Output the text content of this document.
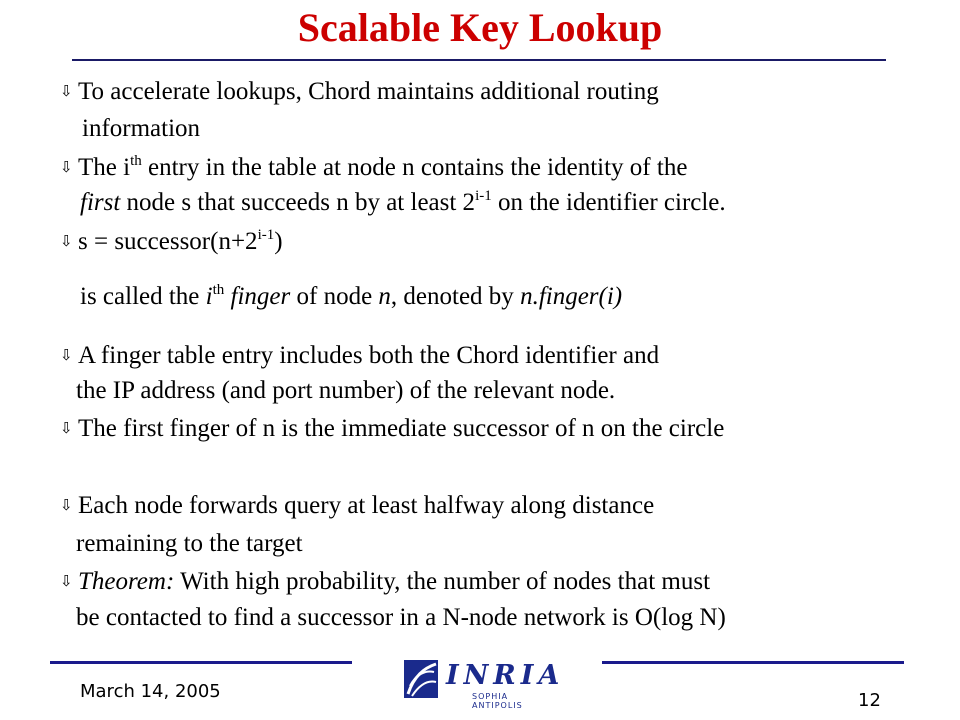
Scalable Key Lookup
⇩ To accelerate lookups, Chord maintains additional routing
information
⇩ The $i^{th}$ entry in the table at node n contains the identity of the
first node s that succeeds n by at least 2$^{i-1}$ on the identifier circle.
⇩ $s = successor(n+2^{i-1})$
is called the $i^{th}$ finger of node n, denoted by n.finger(i)
⇩ A finger table entry includes both the Chord identifier and
the IP address (and port number) of the relevant node.
⇩ The first finger of n is the immediate successor of n on the circle
⇩ Each node forwards query at least halfway along distance
remaining to the target
⇩ Theorem: With high probability, the number of nodes that must
be contacted to find a successor in a N-node network is O(log N)
INRIA
SOPHIA ANTIPOLIS
March 14, 2005	12
